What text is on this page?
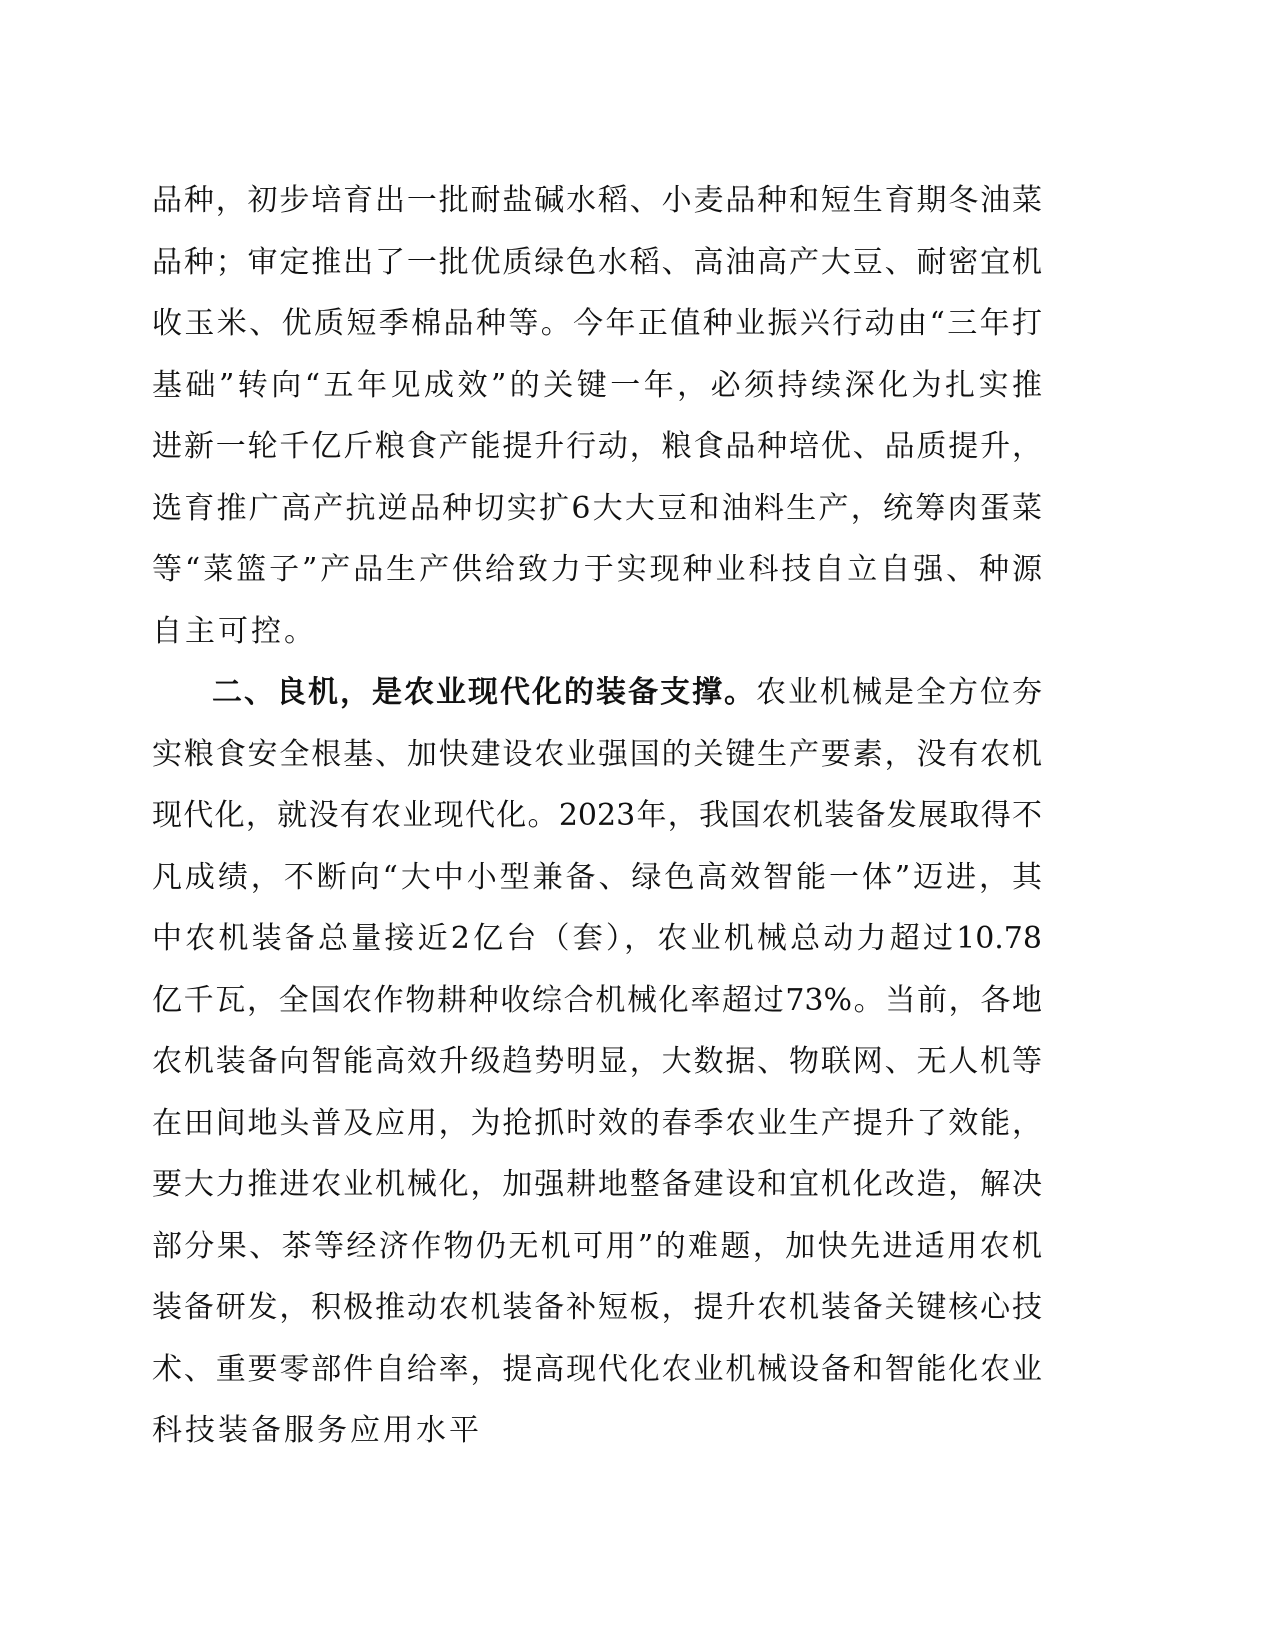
品种，初步培育出一批耐盐碱水稻、小麦品种和短生育期冬油菜
品种；审定推出了一批优质绿色水稻、高油高产大豆、耐密宜机
收玉米、优质短季棉品种等。今年正值种业振兴行动由“三年打
基础”转向“五年见成效”的关键一年，必须持续深化为扎实推
进新一轮千亿斤粮食产能提升行动，粮食品种培优、品质提升，
选育推广高产抗逆品种切实扩6大大豆和油料生产，统筹肉蛋菜
等“菜篮子”产品生产供给致力于实现种业科技自立自强、种源
自主可控。
二、良机，是农业现代化的装备支撑。农业机械是全方位夯
实粮食安全根基、加快建设农业强国的关键生产要素，没有农机
现代化，就没有农业现代化。2023年，我国农机装备发展取得不
凡成绩，不断向“大中小型兼备、绿色高效智能一体”迈进，其
中农机装备总量接近2亿台（套），农业机械总动力超过10.78
亿千瓦，全国农作物耕种收综合机械化率超过73%。当前，各地
农机装备向智能高效升级趋势明显，大数据、物联网、无人机等
在田间地头普及应用，为抢抓时效的春季农业生产提升了效能，
要大力推进农业机械化，加强耕地整备建设和宜机化改造，解决
部分果、茶等经济作物仍无机可用”的难题，加快先进适用农机
装备研发，积极推动农机装备补短板，提升农机装备关键核心技
术、重要零部件自给率，提高现代化农业机械设备和智能化农业
科技装备服务应用水平
